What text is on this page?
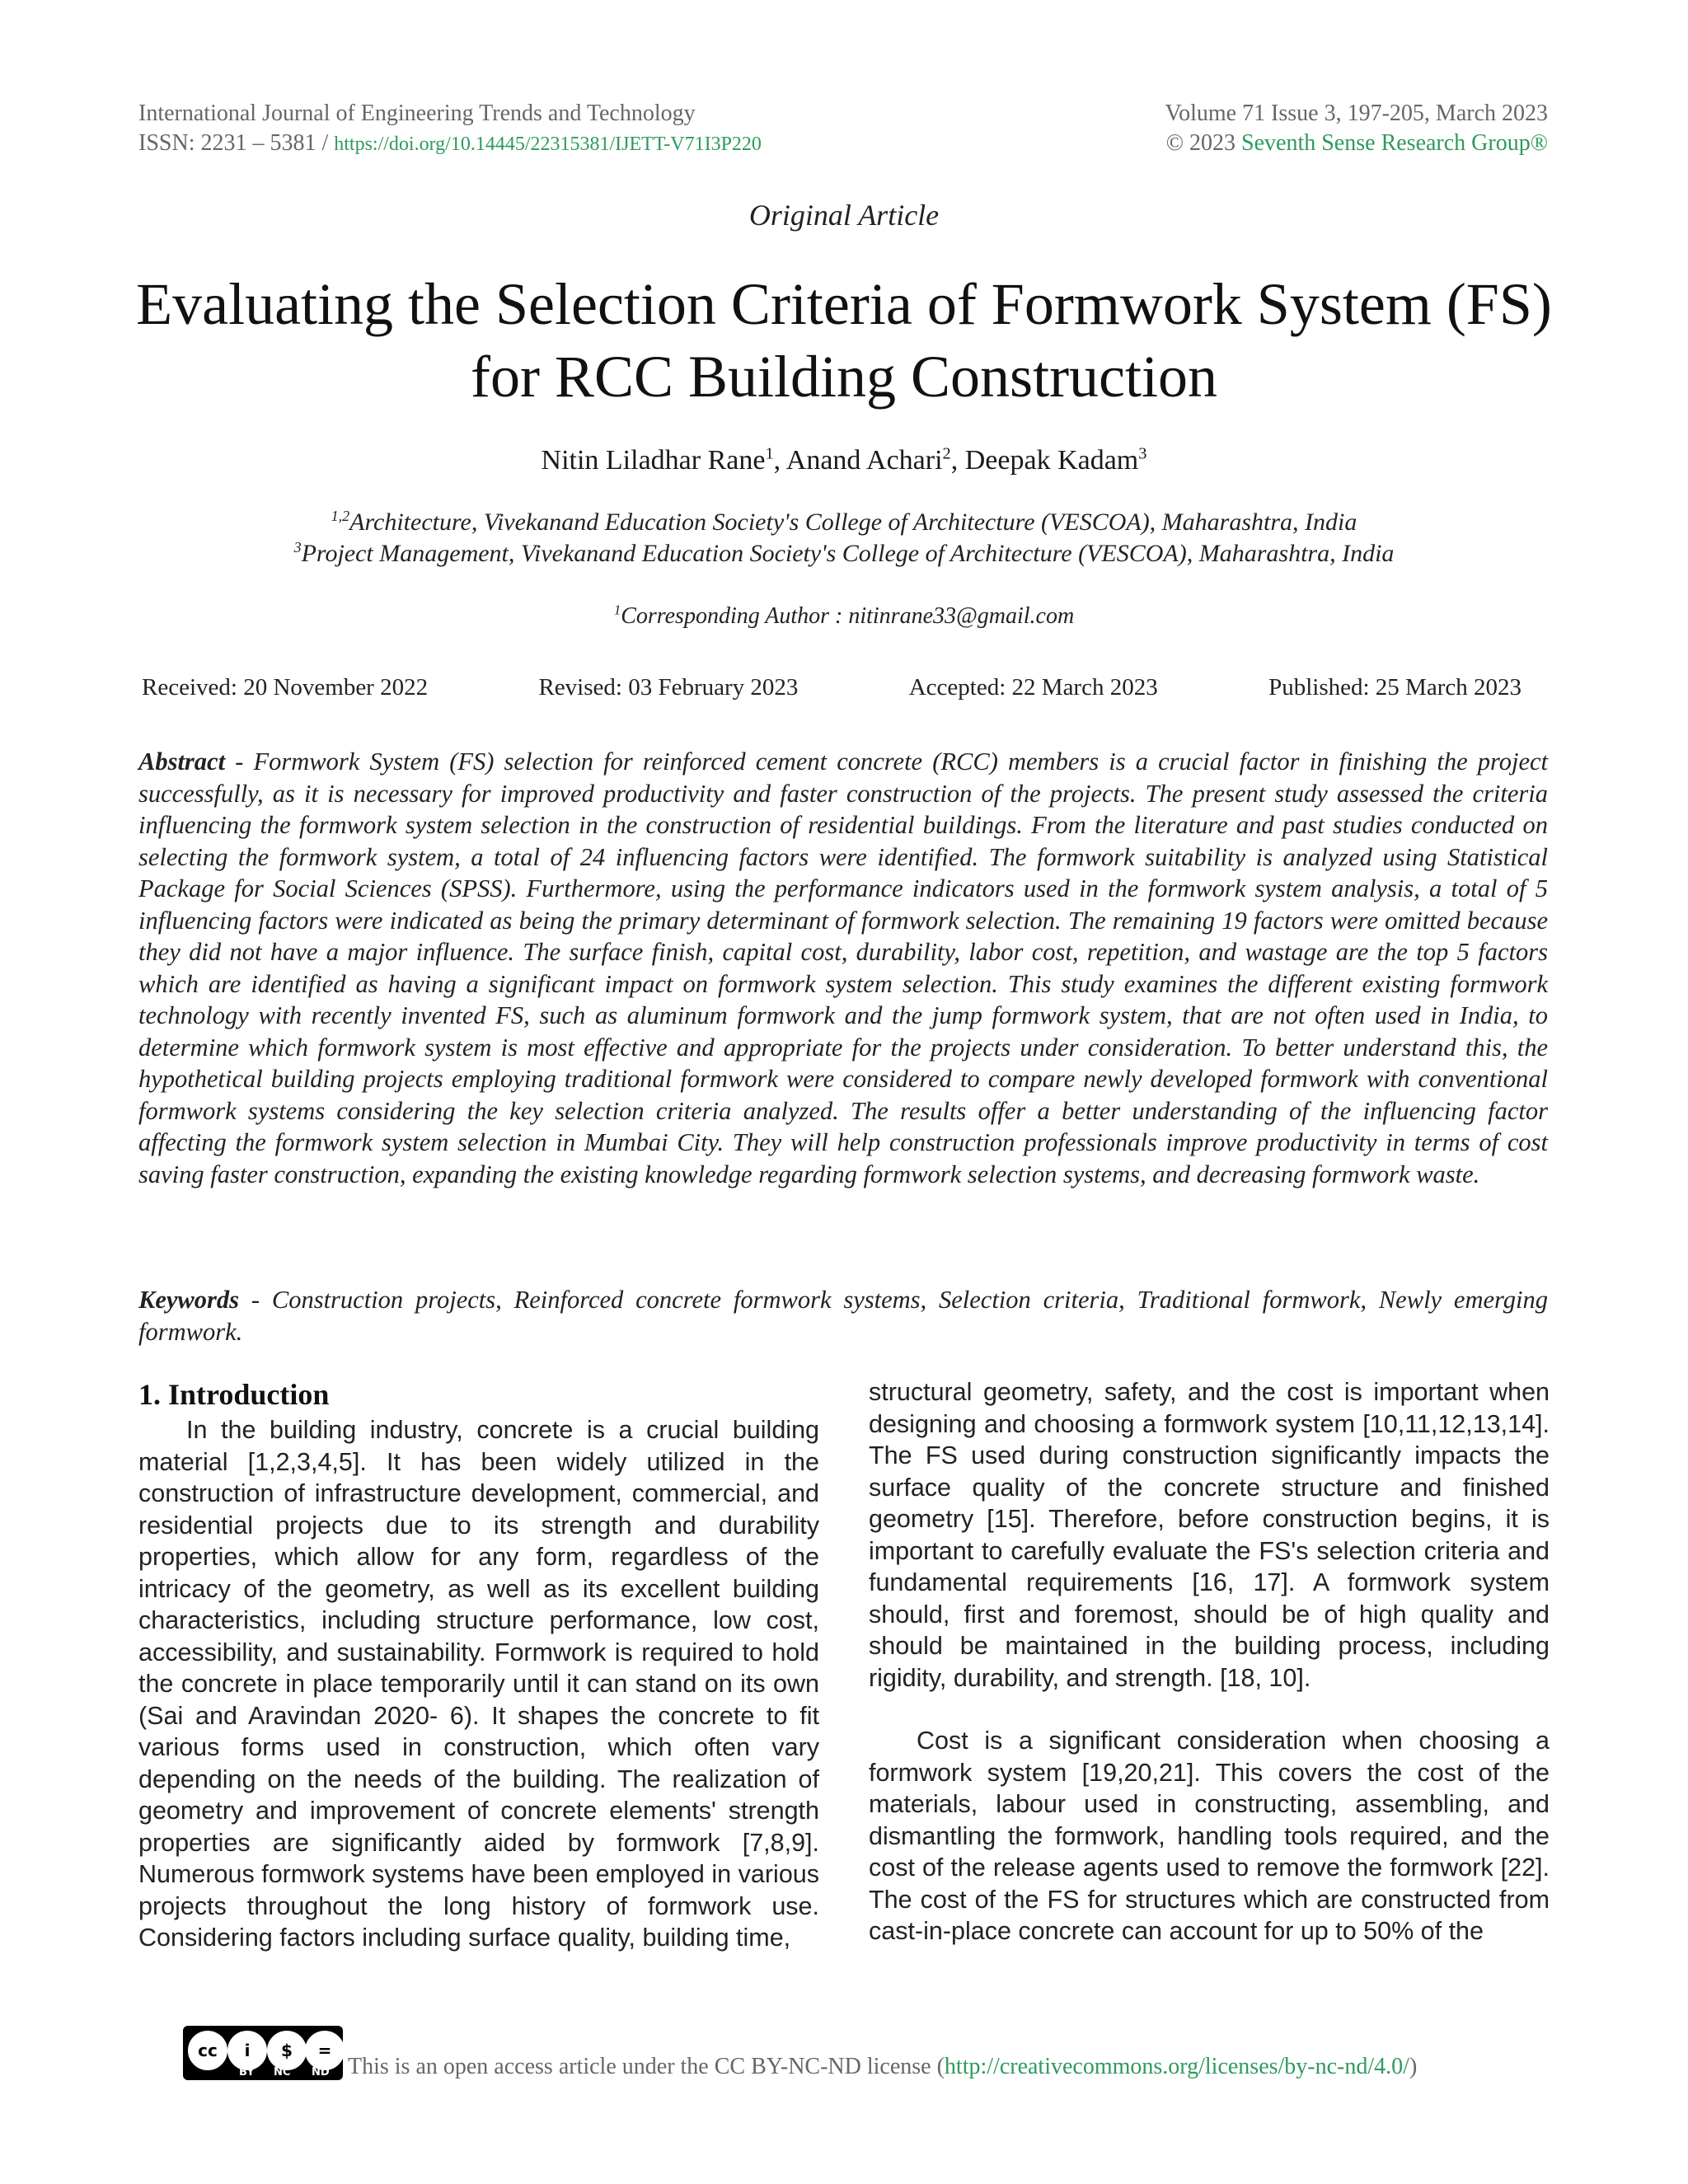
International Journal of Engineering Trends and Technology
ISSN: 2231 – 5381 / https://doi.org/10.14445/22315381/IJETT-V71I3P220
Volume 71 Issue 3, 197-205, March 2023
© 2023 Seventh Sense Research Group®
Original Article
Evaluating the Selection Criteria of Formwork System (FS) for RCC Building Construction
Nitin Liladhar Rane$^1$, Anand Achari$^2$, Deepak Kadam$^3$
$^{1,2}$Architecture, Vivekanand Education Society's College of Architecture (VESCOA), Maharashtra, India
$^3$Project Management, Vivekanand Education Society's College of Architecture (VESCOA), Maharashtra, India
$^1$Corresponding Author : nitinrane33@gmail.com
Received: 20 November 2022	Revised: 03 February 2023	Accepted: 22 March 2023	Published: 25 March 2023
Abstract - Formwork System (FS) selection for reinforced cement concrete (RCC) members is a crucial factor in finishing the project successfully, as it is necessary for improved productivity and faster construction of the projects. The present study assessed the criteria influencing the formwork system selection in the construction of residential buildings. From the literature and past studies conducted on selecting the formwork system, a total of 24 influencing factors were identified. The formwork suitability is analyzed using Statistical Package for Social Sciences (SPSS). Furthermore, using the performance indicators used in the formwork system analysis, a total of 5 influencing factors were indicated as being the primary determinant of formwork selection. The remaining 19 factors were omitted because they did not have a major influence. The surface finish, capital cost, durability, labor cost, repetition, and wastage are the top 5 factors which are identified as having a significant impact on formwork system selection. This study examines the different existing formwork technology with recently invented FS, such as aluminum formwork and the jump formwork system, that are not often used in India, to determine which formwork system is most effective and appropriate for the projects under consideration. To better understand this, the hypothetical building projects employing traditional formwork were considered to compare newly developed formwork with conventional formwork systems considering the key selection criteria analyzed. The results offer a better understanding of the influencing factor affecting the formwork system selection in Mumbai City. They will help construction professionals improve productivity in terms of cost saving faster construction, expanding the existing knowledge regarding formwork selection systems, and decreasing formwork waste.
Keywords - Construction projects, Reinforced concrete formwork systems, Selection criteria, Traditional formwork, Newly emerging formwork.
1. Introduction

In the building industry, concrete is a crucial building material [1,2,3,4,5]. It has been widely utilized in the construction of infrastructure development, commercial, and residential projects due to its strength and durability properties, which allow for any form, regardless of the intricacy of the geometry, as well as its excellent building characteristics, including structure performance, low cost, accessibility, and sustainability. Formwork is required to hold the concrete in place temporarily until it can stand on its own (Sai and Aravindan 2020- 6). It shapes the concrete to fit various forms used in construction, which often vary depending on the needs of the building. The realization of geometry and improvement of concrete elements' strength properties are significantly aided by formwork [7,8,9]. Numerous formwork systems have been employed in various projects throughout the long history of formwork use. Considering factors including surface quality, building time,

structural geometry, safety, and the cost is important when designing and choosing a formwork system [10,11,12,13,14]. The FS used during construction significantly impacts the surface quality of the concrete structure and finished geometry [15]. Therefore, before construction begins, it is important to carefully evaluate the FS's selection criteria and fundamental requirements [16, 17]. A formwork system should, first and foremost, should be of high quality and should be maintained in the building process, including rigidity, durability, and strength. [18, 10].

Cost is a significant consideration when choosing a formwork system [19,20,21]. This covers the cost of the materials, labour used in constructing, assembling, and dismantling the formwork, handling tools required, and the cost of the release agents used to remove the formwork [22]. The cost of the FS for structures which are constructed from cast-in-place concrete can account for up to 50% of the

cc	i	$	=
BY NC ND This is an open access article under the CC BY-NC-ND license ( http://creativecommons.org/licenses/by-nc-nd/4.0/ )
